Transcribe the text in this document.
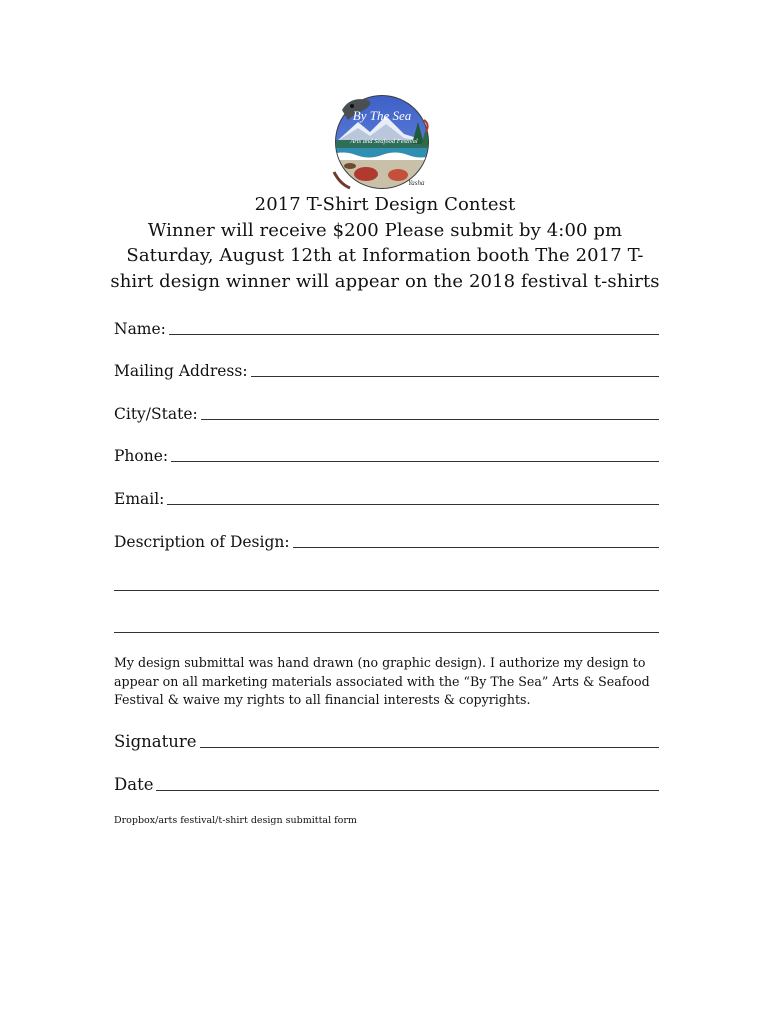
By The Sea
Arts and Seafood Festival
Yasha
2017 T-Shirt Design Contest
Winner will receive $200 Please submit by 4:00 pm
Saturday, August 12th at Information booth The 2017 T-
shirt design winner will appear on the 2018 festival t-shirts
Name:
Mailing Address:
City/State:
Phone:
Email:
Description of Design:
My design submittal was hand drawn (no graphic design). I authorize my design to
appear on all marketing materials associated with the “By The Sea” Arts & Seafood
Festival & waive my rights to all financial interests & copyrights.
Signature
Date
Dropbox/arts festival/t-shirt design submittal form
